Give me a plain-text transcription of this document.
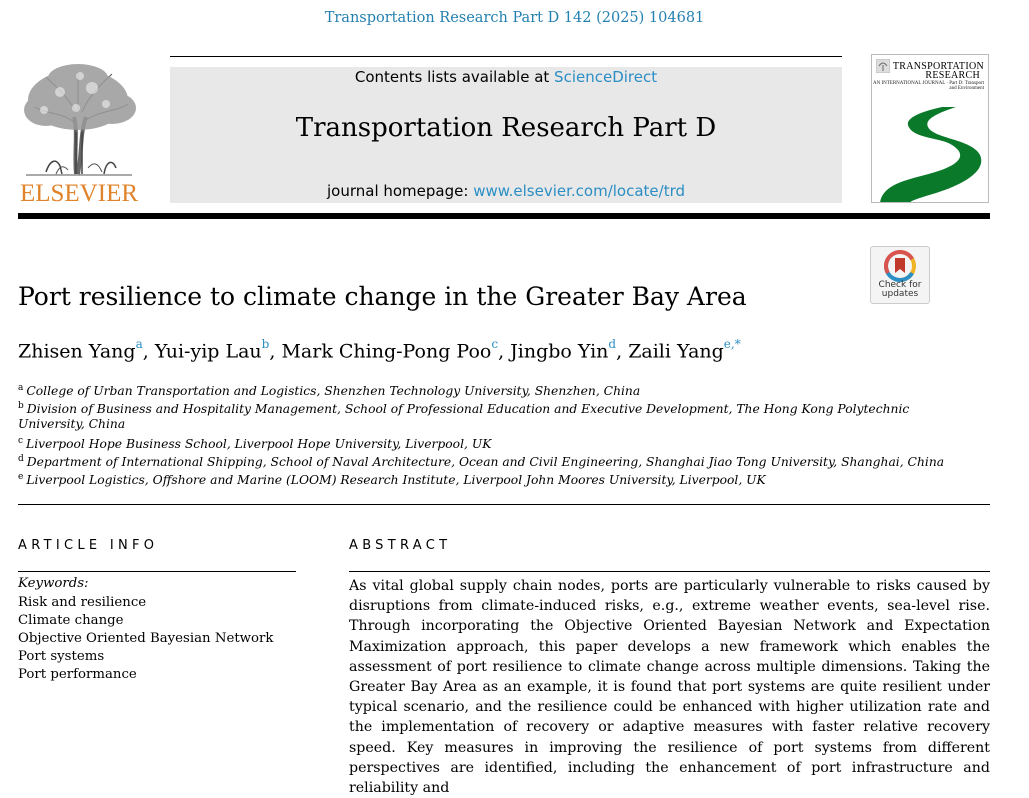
Transportation Research Part D 142 (2025) 104681
ELSEVIER
Contents lists available at ScienceDirect
Transportation Research Part D
journal homepage: www.elsevier.com/locate/trd
TRANSPORTATION
RESEARCH
AN INTERNATIONAL JOURNAL · Part D: Transport and Environment
Check for
updates
Port resilience to climate change in the Greater Bay Area
Zhisen Yang$^a$, Yui-yip Lau$^b$, Mark Ching-Pong Poo$^c$, Jingbo Yin$^d$, Zaili Yang$^{e,*}$
$^a$ College of Urban Transportation and Logistics, Shenzhen Technology University, Shenzhen, China
$^b$ Division of Business and Hospitality Management, School of Professional Education and Executive Development, The Hong Kong Polytechnic
University, China
$^c$ Liverpool Hope Business School, Liverpool Hope University, Liverpool, UK
$^d$ Department of International Shipping, School of Naval Architecture, Ocean and Civil Engineering, Shanghai Jiao Tong University, Shanghai, China
$^e$ Liverpool Logistics, Offshore and Marine (LOOM) Research Institute, Liverpool John Moores University, Liverpool, UK
ARTICLE INFO	ABSTRACT
Keywords:
Risk and resilience
Climate change
Objective Oriented Bayesian Network
Port systems
Port performance
As vital global supply chain nodes, ports are particularly vulnerable to risks caused by disruptions from climate-induced risks, e.g., extreme weather events, sea-level rise. Through incorporating the Objective Oriented Bayesian Network and Expectation Maximization approach, this paper develops a new framework which enables the assessment of port resilience to climate change across multiple dimensions. Taking the Greater Bay Area as an example, it is found that port systems are quite resilient under typical scenario, and the resilience could be enhanced with higher utilization rate and the implementation of recovery or adaptive measures with faster relative recovery speed. Key measures in improving the resilience of port systems from different perspectives are identified, including the enhancement of port infrastructure and reliability and
